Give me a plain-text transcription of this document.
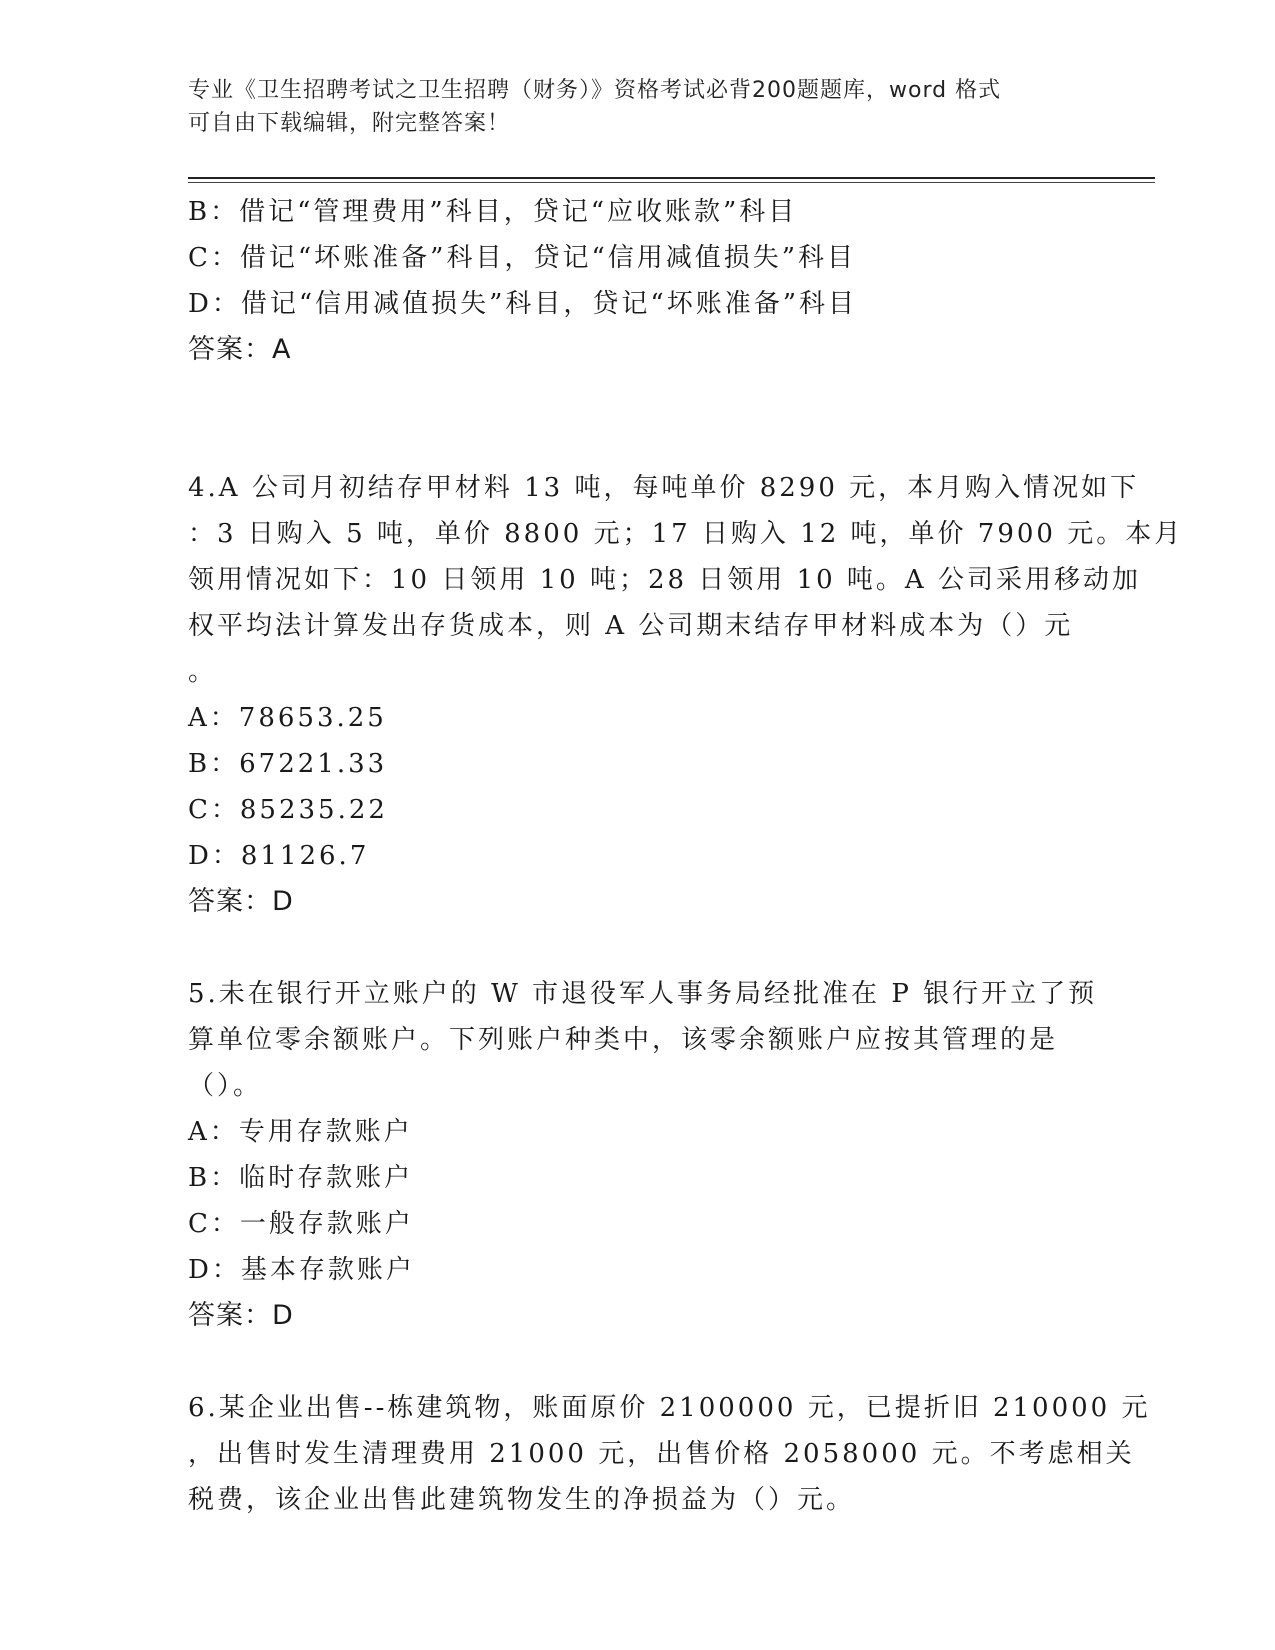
专业《卫生招聘考试之卫生招聘（财务）》资格考试必背200题题库，word 格式
可自由下载编辑，附完整答案！
B：借记“管理费用”科目，贷记“应收账款”科目
C：借记“坏账准备”科目，贷记“信用减值损失”科目
D：借记“信用减值损失”科目，贷记“坏账准备”科目
答案：A
4.A 公司月初结存甲材料 13 吨，每吨单价 8290 元，本月购入情况如下
：3 日购入 5 吨，单价 8800 元；17 日购入 12 吨，单价 7900 元。本月
领用情况如下：10 日领用 10 吨；28 日领用 10 吨。A 公司采用移动加
权平均法计算发出存货成本，则 A 公司期末结存甲材料成本为（）元
。
A：78653.25
B：67221.33
C：85235.22
D：81126.7
答案：D
5.未在银行开立账户的 W 市退役军人事务局经批准在 P 银行开立了预
算单位零余额账户。下列账户种类中，该零余额账户应按其管理的是
（）。
A：专用存款账户
B：临时存款账户
C：一般存款账户
D：基本存款账户
答案：D
6.某企业出售--栋建筑物，账面原价 2100000 元，已提折旧 210000 元
，出售时发生清理费用 21000 元，出售价格 2058000 元。不考虑相关
税费，该企业出售此建筑物发生的净损益为（）元。
